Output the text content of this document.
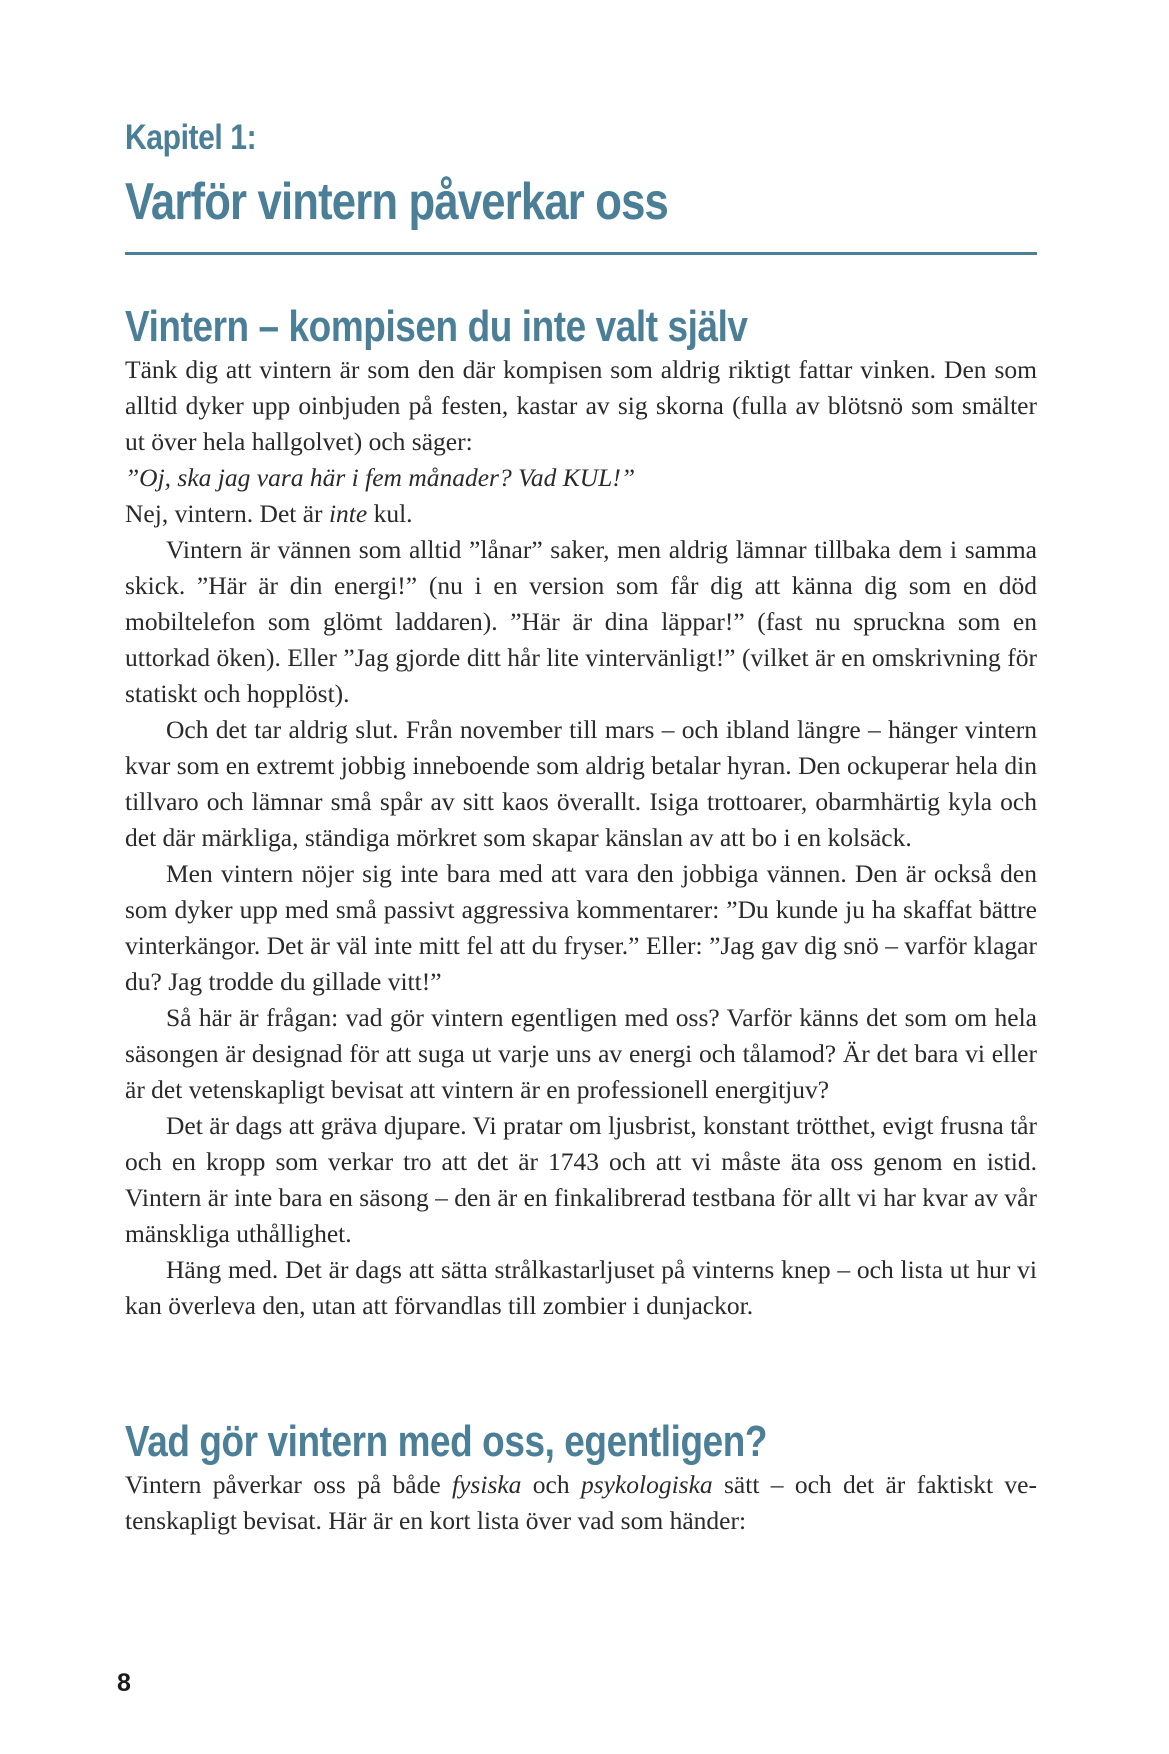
Kapitel 1:
Varför vintern påverkar oss
Vintern – kompisen du inte valt själv

Tänk dig att vintern är som den där kompisen som aldrig riktigt fattar vinken. Den som alltid dyker upp oinbjuden på festen, kastar av sig skorna (fulla av blötsnö som smälter ut över hela hallgolvet) och säger:

”Oj, ska jag vara här i fem månader? Vad KUL!”

Nej, vintern. Det är inte kul.

Vintern är vännen som alltid ”lånar” saker, men aldrig lämnar tillbaka dem i samma skick. ”Här är din energi!” (nu i en version som får dig att känna dig som en död mobiltelefon som glömt laddaren). ”Här är dina läppar!” (fast nu spruckna som en uttorkad öken). Eller ”Jag gjorde ditt hår lite vintervänligt!” (vilket är en omskrivning för statiskt och hopplöst).

Och det tar aldrig slut. Från november till mars – och ibland längre – hänger vintern kvar som en extremt jobbig inneboende som aldrig betalar hyran. Den ockuperar hela din tillvaro och lämnar små spår av sitt kaos överallt. Isiga trottoarer, obarmhärtig kyla och det där märkliga, ständiga mörkret som skapar känslan av att bo i en kolsäck.

Men vintern nöjer sig inte bara med att vara den jobbiga vännen. Den är också den som dyker upp med små passivt aggressiva kommentarer: ”Du kunde ju ha skaffat bättre vinterkängor. Det är väl inte mitt fel att du fryser.” Eller: ”Jag gav dig snö – varför klagar du? Jag trodde du gillade vitt!”

Så här är frågan: vad gör vintern egentligen med oss? Varför känns det som om hela säsongen är designad för att suga ut varje uns av energi och tålamod? Är det bara vi eller är det vetenskapligt bevisat att vintern är en professionell energitjuv?

Det är dags att gräva djupare. Vi pratar om ljusbrist, konstant trötthet, evigt frusna tår och en kropp som verkar tro att det är 1743 och att vi måste äta oss genom en istid. Vintern är inte bara en säsong – den är en finkalibrerad testbana för allt vi har kvar av vår mänskliga uthållighet.

Häng med. Det är dags att sätta strålkastarljuset på vinterns knep – och lista ut hur vi kan överleva den, utan att förvandlas till zombier i dunjackor.

Vad gör vintern med oss, egentligen?

Vintern påverkar oss på både fysiska och psykologiska sätt – och det är faktiskt vetenskapligt bevisat. Här är en kort lista över vad som händer:

8
